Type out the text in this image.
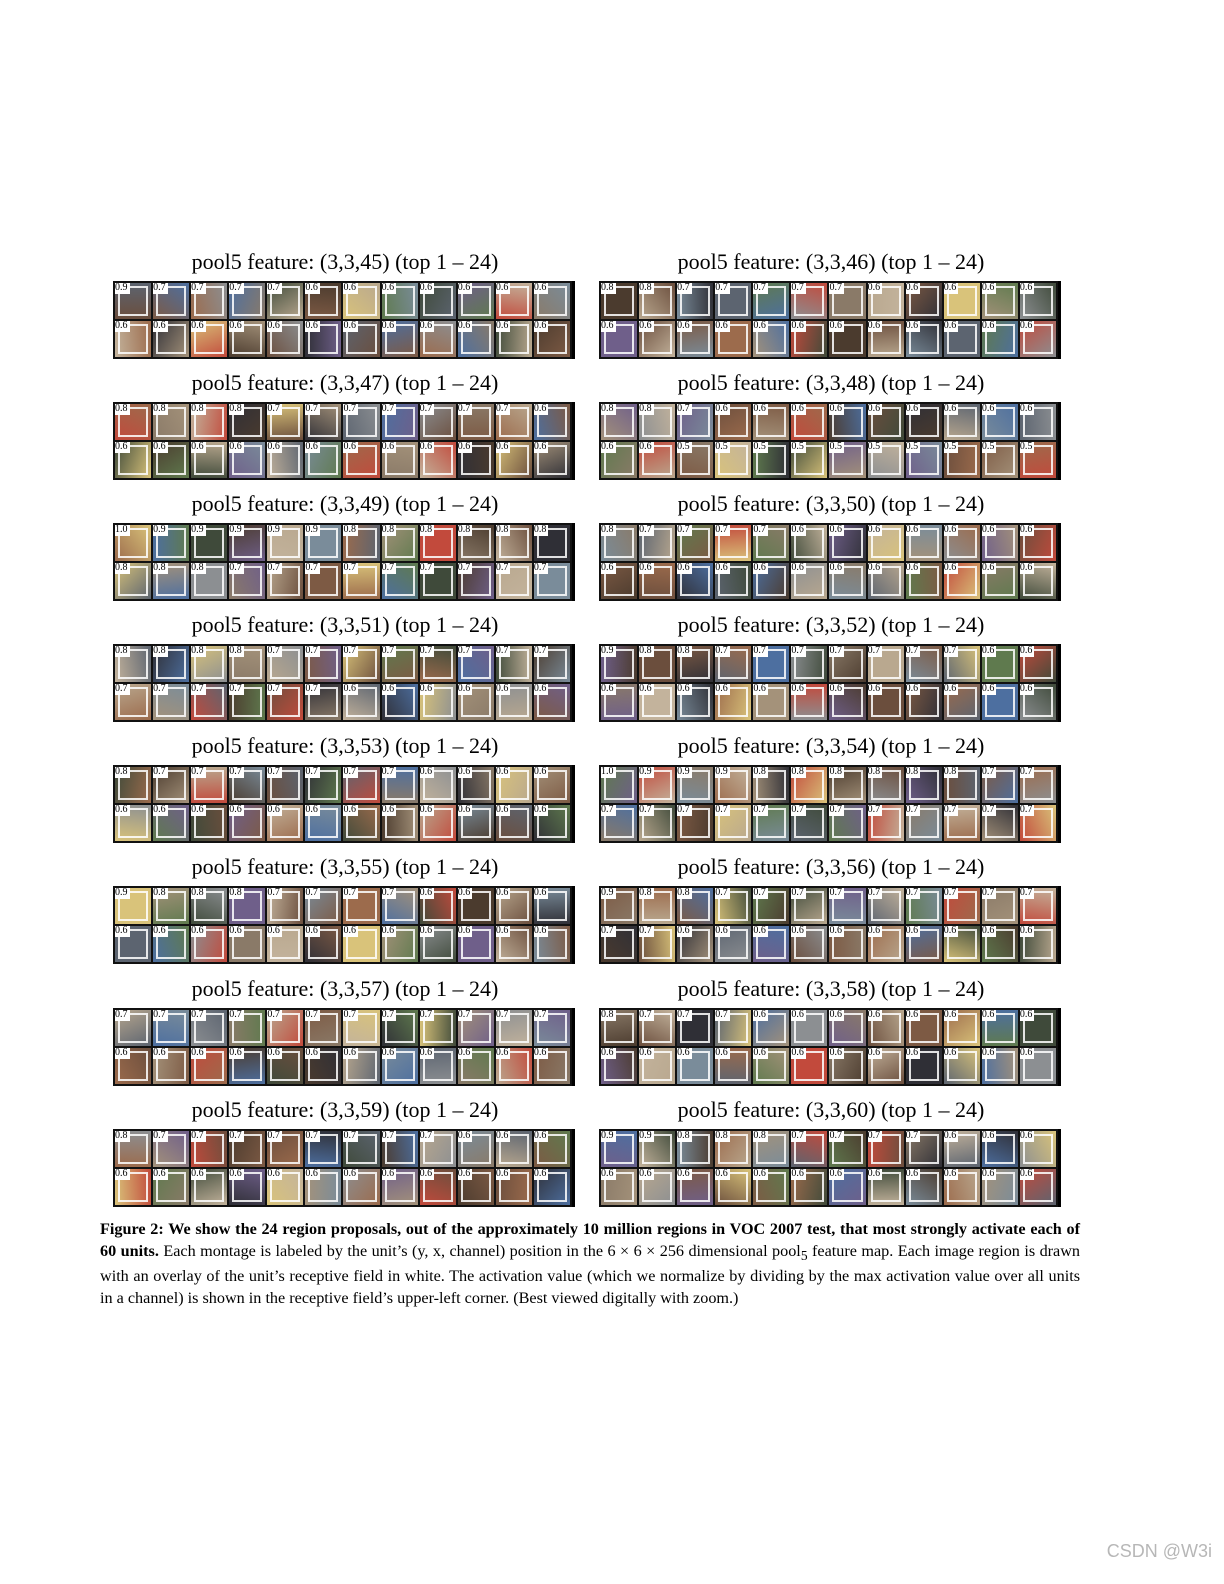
pool5 feature: (3,3,45) (top 1 – 24)
0.9	0.7	0.7	0.7	0.7	0.6	0.6	0.6	0.6	0.6	0.6	0.6
0.6	0.6	0.6	0.6	0.6	0.6	0.6	0.6	0.6	0.6	0.6	0.6
pool5 feature: (3,3,46) (top 1 – 24)
0.8	0.8	0.7	0.7	0.7	0.7	0.7	0.6	0.6	0.6	0.6	0.6
0.6	0.6	0.6	0.6	0.6	0.6	0.6	0.6	0.6	0.6	0.6	0.6
pool5 feature: (3,3,47) (top 1 – 24)
0.8	0.8	0.8	0.8	0.7	0.7	0.7	0.7	0.7	0.7	0.7	0.6
0.6	0.6	0.6	0.6	0.6	0.6	0.6	0.6	0.6	0.6	0.6	0.6
pool5 feature: (3,3,48) (top 1 – 24)
0.8	0.8	0.7	0.6	0.6	0.6	0.6	0.6	0.6	0.6	0.6	0.6
0.6	0.6	0.5	0.5	0.5	0.5	0.5	0.5	0.5	0.5	0.5	0.5
pool5 feature: (3,3,49) (top 1 – 24)
1.0	0.9	0.9	0.9	0.9	0.9	0.8	0.8	0.8	0.8	0.8	0.8
0.8	0.8	0.8	0.7	0.7	0.7	0.7	0.7	0.7	0.7	0.7	0.7
pool5 feature: (3,3,50) (top 1 – 24)
0.8	0.7	0.7	0.7	0.7	0.6	0.6	0.6	0.6	0.6	0.6	0.6
0.6	0.6	0.6	0.6	0.6	0.6	0.6	0.6	0.6	0.6	0.6	0.6
pool5 feature: (3,3,51) (top 1 – 24)
0.8	0.8	0.8	0.8	0.7	0.7	0.7	0.7	0.7	0.7	0.7	0.7
0.7	0.7	0.7	0.7	0.7	0.7	0.6	0.6	0.6	0.6	0.6	0.6
pool5 feature: (3,3,52) (top 1 – 24)
0.9	0.8	0.8	0.7	0.7	0.7	0.7	0.7	0.7	0.7	0.6	0.6
0.6	0.6	0.6	0.6	0.6	0.6	0.6	0.6	0.6	0.6	0.6	0.6
pool5 feature: (3,3,53) (top 1 – 24)
0.8	0.7	0.7	0.7	0.7	0.7	0.7	0.7	0.6	0.6	0.6	0.6
0.6	0.6	0.6	0.6	0.6	0.6	0.6	0.6	0.6	0.6	0.6	0.6
pool5 feature: (3,3,54) (top 1 – 24)
1.0	0.9	0.9	0.9	0.8	0.8	0.8	0.8	0.8	0.8	0.7	0.7
0.7	0.7	0.7	0.7	0.7	0.7	0.7	0.7	0.7	0.7	0.7	0.7
pool5 feature: (3,3,55) (top 1 – 24)
0.9	0.8	0.8	0.8	0.7	0.7	0.7	0.7	0.6	0.6	0.6	0.6
0.6	0.6	0.6	0.6	0.6	0.6	0.6	0.6	0.6	0.6	0.6	0.6
pool5 feature: (3,3,56) (top 1 – 24)
0.9	0.8	0.8	0.7	0.7	0.7	0.7	0.7	0.7	0.7	0.7	0.7
0.7	0.7	0.6	0.6	0.6	0.6	0.6	0.6	0.6	0.6	0.6	0.6
pool5 feature: (3,3,57) (top 1 – 24)
0.7	0.7	0.7	0.7	0.7	0.7	0.7	0.7	0.7	0.7	0.7	0.7
0.6	0.6	0.6	0.6	0.6	0.6	0.6	0.6	0.6	0.6	0.6	0.6
pool5 feature: (3,3,58) (top 1 – 24)
0.8	0.7	0.7	0.7	0.6	0.6	0.6	0.6	0.6	0.6	0.6	0.6
0.6	0.6	0.6	0.6	0.6	0.6	0.6	0.6	0.6	0.6	0.6	0.6
pool5 feature: (3,3,59) (top 1 – 24)
0.8	0.7	0.7	0.7	0.7	0.7	0.7	0.7	0.7	0.6	0.6	0.6
0.6	0.6	0.6	0.6	0.6	0.6	0.6	0.6	0.6	0.6	0.6	0.6
pool5 feature: (3,3,60) (top 1 – 24)
0.9	0.9	0.8	0.8	0.8	0.7	0.7	0.7	0.7	0.6	0.6	0.6
0.6	0.6	0.6	0.6	0.6	0.6	0.6	0.6	0.6	0.6	0.6	0.6
Figure 2: We show the 24 region proposals, out of the approximately 10 million regions in VOC 2007 test, that most strongly activate each of 60 units. Each montage is labeled by the unit’s (y, x, channel) position in the 6 × 6 × 256 dimensional pool$_5$ feature map. Each image region is drawn with an overlay of the unit’s receptive field in white. The activation value (which we normalize by dividing by the max activation value over all units in a channel) is shown in the receptive field’s upper-left corner. (Best viewed digitally with zoom.)
CSDN @W3i
